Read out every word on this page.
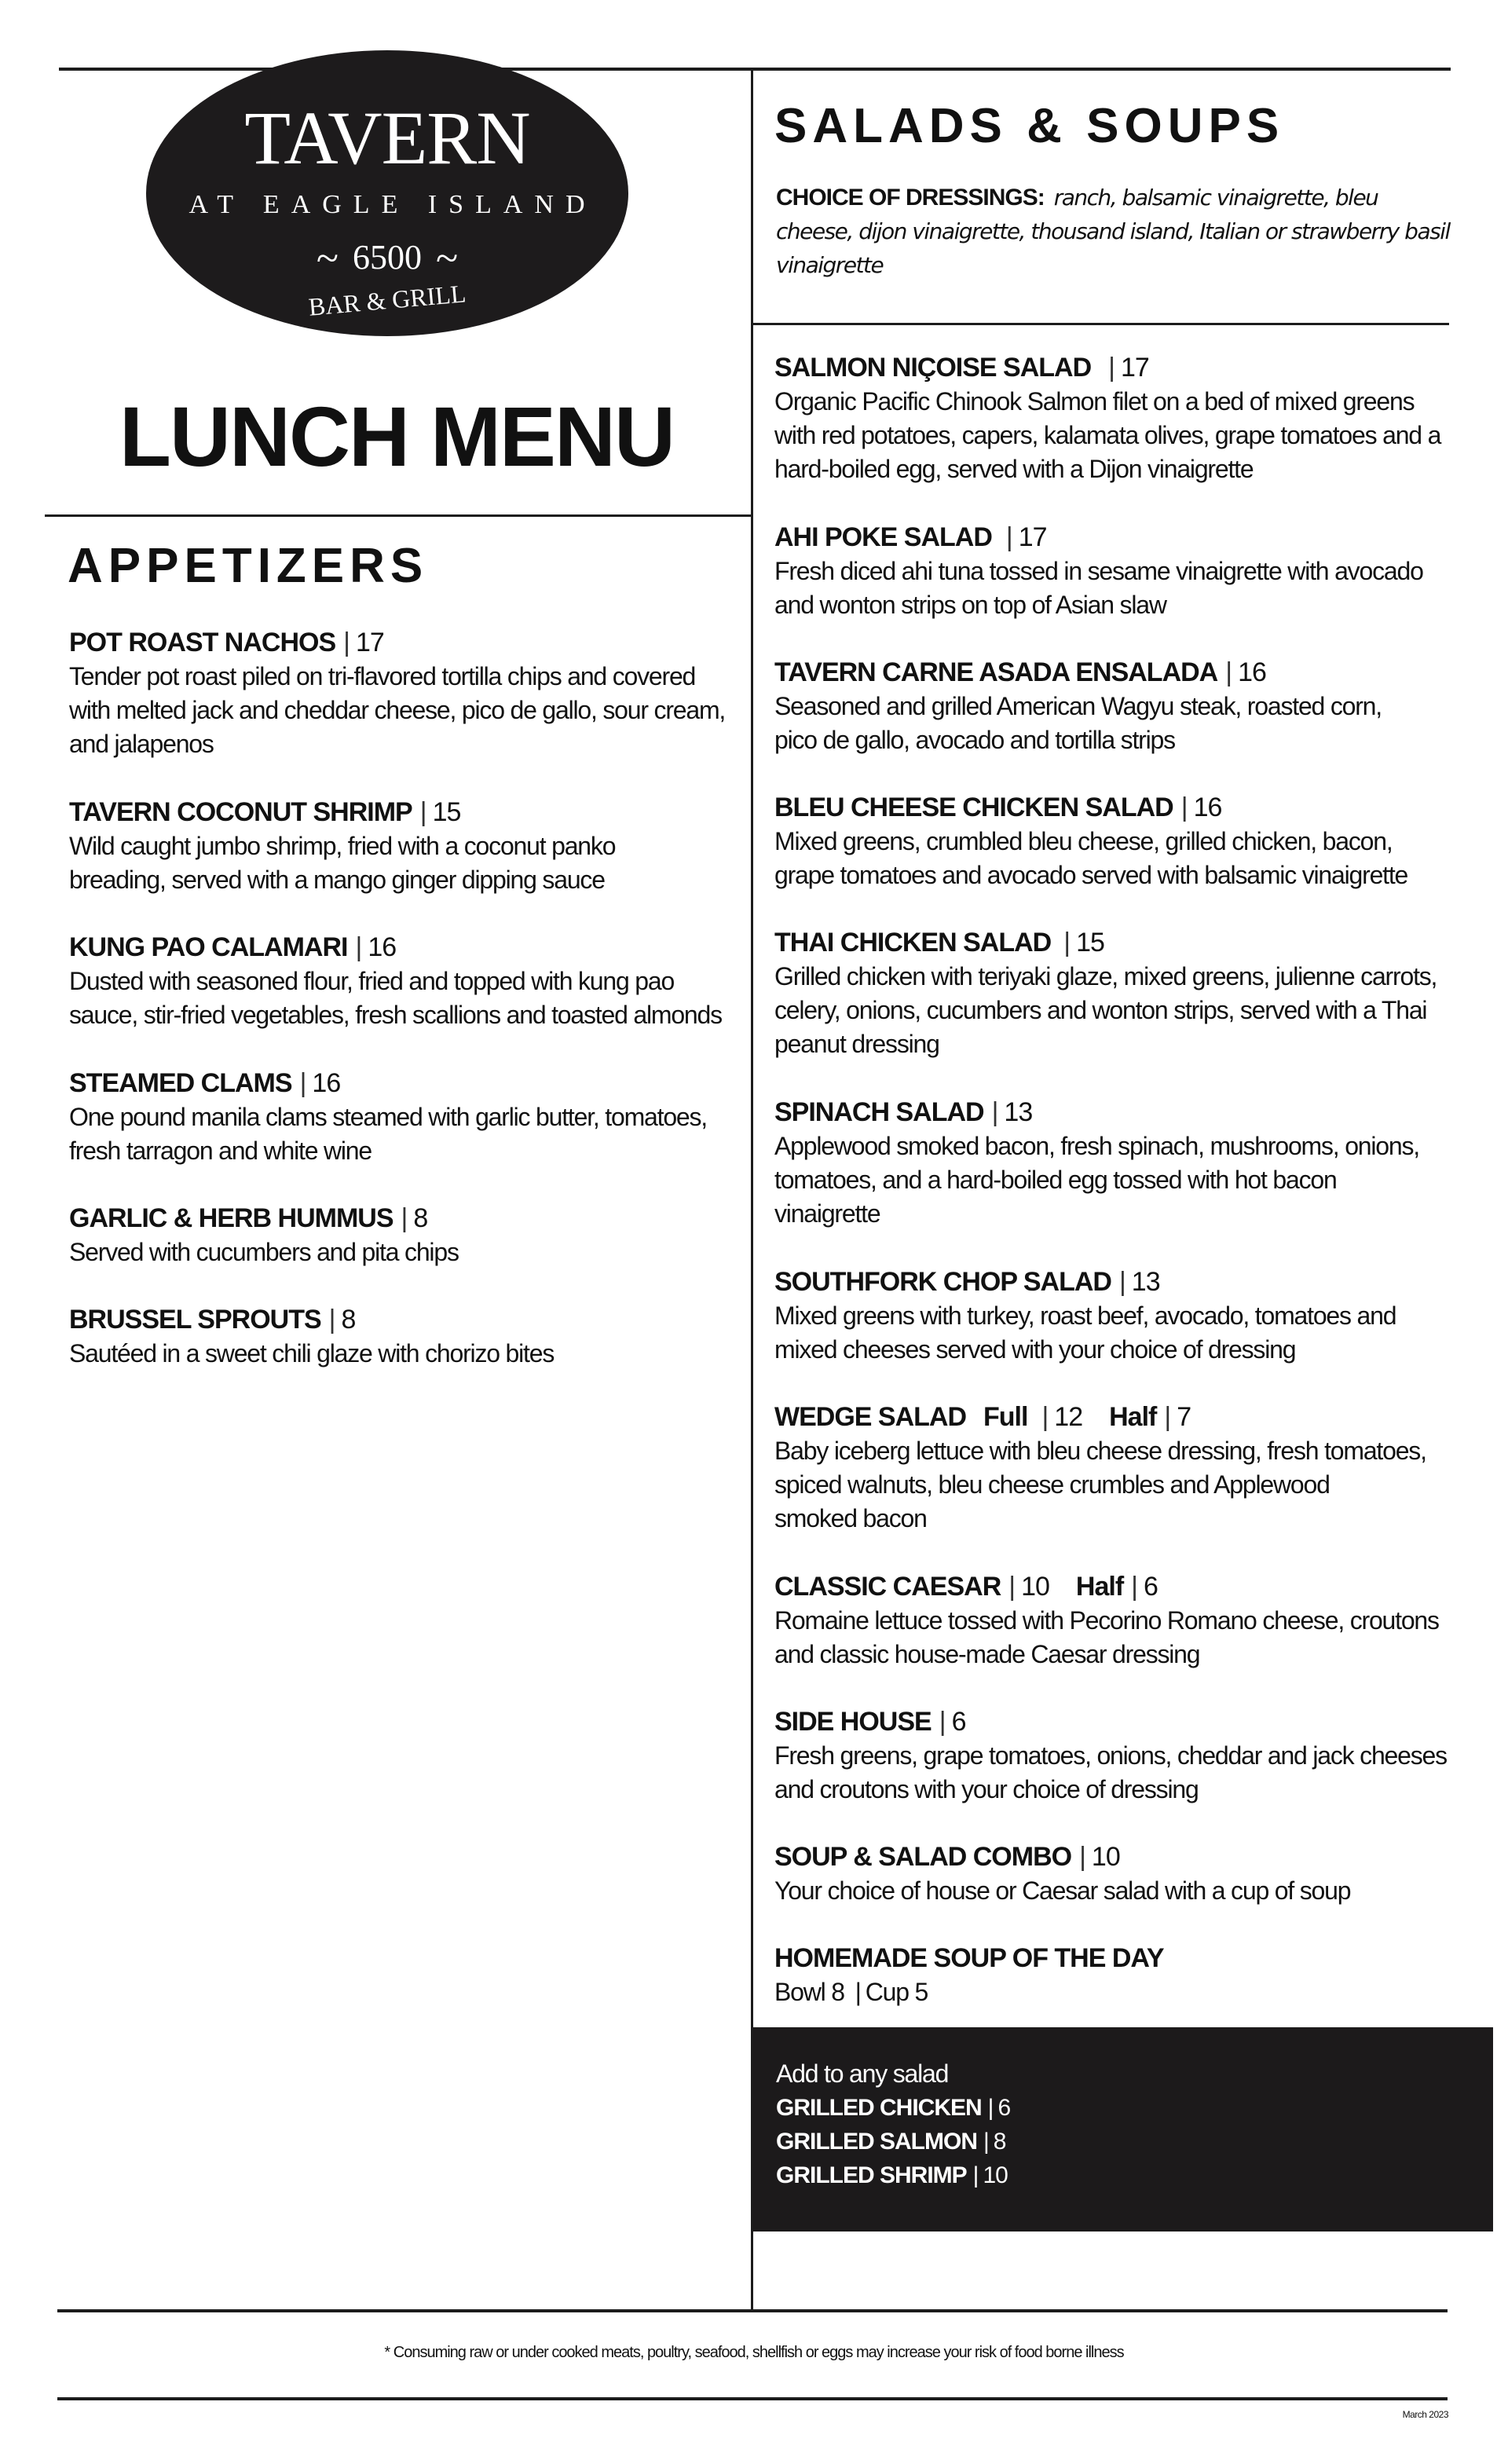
TAVERN
AT EAGLE ISLAND
~ 6500 ~
BAR & GRILL
LUNCH MENU
APPETIZERS
POT ROAST NACHOS | 17
Tender pot roast piled on tri-flavored tortilla chips and covered
with melted jack and cheddar cheese, pico de gallo, sour cream,
and jalapenos
TAVERN COCONUT SHRIMP | 15
Wild caught jumbo shrimp, fried with a coconut panko
breading, served with a mango ginger dipping sauce
KUNG PAO CALAMARI | 16
Dusted with seasoned flour, fried and topped with kung pao
sauce, stir-fried vegetables, fresh scallions and toasted almonds
STEAMED CLAMS | 16
One pound manila clams steamed with garlic butter, tomatoes,
fresh tarragon and white wine
GARLIC & HERB HUMMUS | 8
Served with cucumbers and pita chips
BRUSSEL SPROUTS | 8
Sautéed in a sweet chili glaze with chorizo bites
SALADS & SOUPS
CHOICE OF DRESSINGS: ranch, balsamic vinaigrette, bleu cheese, dijon vinaigrette, thousand island, Italian or strawberry basil vinaigrette
SALMON NIÇOISE SALAD | 17
Organic Pacific Chinook Salmon filet on a bed of mixed greens
with red potatoes, capers, kalamata olives, grape tomatoes and a
hard-boiled egg, served with a Dijon vinaigrette
AHI POKE SALAD | 17
Fresh diced ahi tuna tossed in sesame vinaigrette with avocado
and wonton strips on top of Asian slaw
TAVERN CARNE ASADA ENSALADA | 16
Seasoned and grilled American Wagyu steak, roasted corn,
pico de gallo, avocado and tortilla strips
BLEU CHEESE CHICKEN SALAD | 16
Mixed greens, crumbled bleu cheese, grilled chicken, bacon,
grape tomatoes and avocado served with balsamic vinaigrette
THAI CHICKEN SALAD | 15
Grilled chicken with teriyaki glaze, mixed greens, julienne carrots,
celery, onions, cucumbers and wonton strips, served with a Thai
peanut dressing
SPINACH SALAD | 13
Applewood smoked bacon, fresh spinach, mushrooms, onions,
tomatoes, and a hard-boiled egg tossed with hot bacon
vinaigrette
SOUTHFORK CHOP SALAD | 13
Mixed greens with turkey, roast beef, avocado, tomatoes and
mixed cheeses served with your choice of dressing
WEDGE SALAD Full | 12 Half | 7
Baby iceberg lettuce with bleu cheese dressing, fresh tomatoes,
spiced walnuts, bleu cheese crumbles and Applewood
smoked bacon
CLASSIC CAESAR | 10 Half | 6
Romaine lettuce tossed with Pecorino Romano cheese, croutons
and classic house-made Caesar dressing
SIDE HOUSE | 6
Fresh greens, grape tomatoes, onions, cheddar and jack cheeses
and croutons with your choice of dressing
SOUP & SALAD COMBO | 10
Your choice of house or Caesar salad with a cup of soup
HOMEMADE SOUP OF THE DAY
Bowl 8 | Cup 5
Add to any salad
GRILLED CHICKEN | 6
GRILLED SALMON | 8
GRILLED SHRIMP | 10
* Consuming raw or under cooked meats, poultry, seafood, shellfish or eggs may increase your risk of food borne illness
March 2023
